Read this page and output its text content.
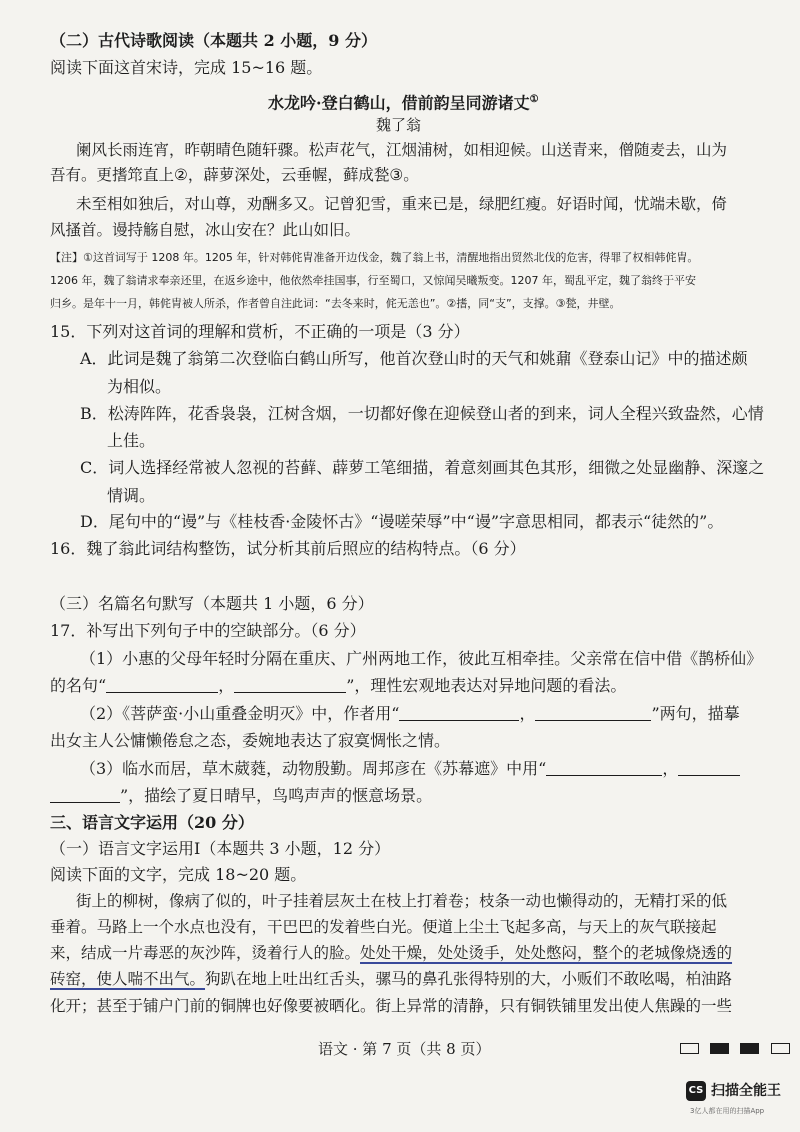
（二）古代诗歌阅读（本题共 2 小题，9 分）
阅读下面这首宋诗，完成 15~16 题。
水龙吟·登白鹤山，借前韵呈同游诸丈①
魏了翁
阑风长雨连宵，昨朝晴色随轩骤。松声花气，江烟浦树，如相迎候。山送青来，僧随麦去，山为
吾有。更搘筇直上②，薜萝深处，云垂幄，藓成甃③。
未至相如独后，对山尊，劝酬多又。记曾犯雪，重来已是，绿肥红瘦。好语时闻，忧端未歇，倚
风搔首。谩持觞自慰，冰山安在？此山如旧。
【注】①这首词写于 1208 年。1205 年，针对韩侂胄准备开边伐金，魏了翁上书，清醒地指出贸然北伐的危害，得罪了权相韩侂胄。
1206 年，魏了翁请求奉亲还里，在返乡途中，他依然牵挂国事，行至蜀口，又惊闻吴曦叛变。1207 年，蜀乱平定，魏了翁终于平安
归乡。是年十一月，韩侂胄被人所杀，作者曾自注此词：“去冬来时，侂无恙也”。②搘，同“支”，支撑。③甃，井壁。
15．下列对这首词的理解和赏析，不正确的一项是（3 分）
A．此词是魏了翁第二次登临白鹤山所写，他首次登山时的天气和姚鼐《登泰山记》中的描述颇
为相似。
B．松涛阵阵，花香袅袅，江树含烟，一切都好像在迎候登山者的到来，词人全程兴致盎然，心情
上佳。
C．词人选择经常被人忽视的苔藓、薜萝工笔细描，着意刻画其色其形，细微之处显幽静、深邃之
情调。
D．尾句中的“谩”与《桂枝香·金陵怀古》“谩嗟荣辱”中“谩”字意思相同，都表示“徒然的”。
16．魏了翁此词结构整饬，试分析其前后照应的结构特点。（6 分）
（三）名篇名句默写（本题共 1 小题，6 分）
17．补写出下列句子中的空缺部分。（6 分）
（1）小惠的父母年轻时分隔在重庆、广州两地工作，彼此互相牵挂。父亲常在信中借《鹊桥仙》
的名句“	，	”，理性宏观地表达对异地问题的看法。
（2）《菩萨蛮·小山重叠金明灭》中，作者用“	，	”两句，描摹
出女主人公慵懒倦怠之态，委婉地表达了寂寞惆怅之情。
（3）临水而居，草木葳蕤，动物殷勤。周邦彦在《苏幕遮》中用“	，
”，描绘了夏日晴早，鸟鸣声声的惬意场景。
三、语言文字运用（20 分）
（一）语言文字运用Ⅰ（本题共 3 小题，12 分）
阅读下面的文字，完成 18~20 题。
街上的柳树，像病了似的，叶子挂着层灰土在枝上打着卷；枝条一动也懒得动的，无精打采的低
垂着。马路上一个水点也没有，干巴巴的发着些白光。便道上尘土飞起多高，与天上的灰气联接起
来，结成一片毒恶的灰沙阵，烫着行人的脸。处处干燥，处处烫手，处处憋闷，整个的老城像烧透的
砖窑，使人喘不出气。狗趴在地上吐出红舌头，骡马的鼻孔张得特别的大，小贩们不敢吆喝，柏油路
化开；甚至于铺户门前的铜牌也好像要被晒化。街上异常的清静，只有铜铁铺里发出使人焦躁的一些
语文 · 第 7 页（共 8 页）
CS 扫描全能王
3亿人都在用的扫描App
